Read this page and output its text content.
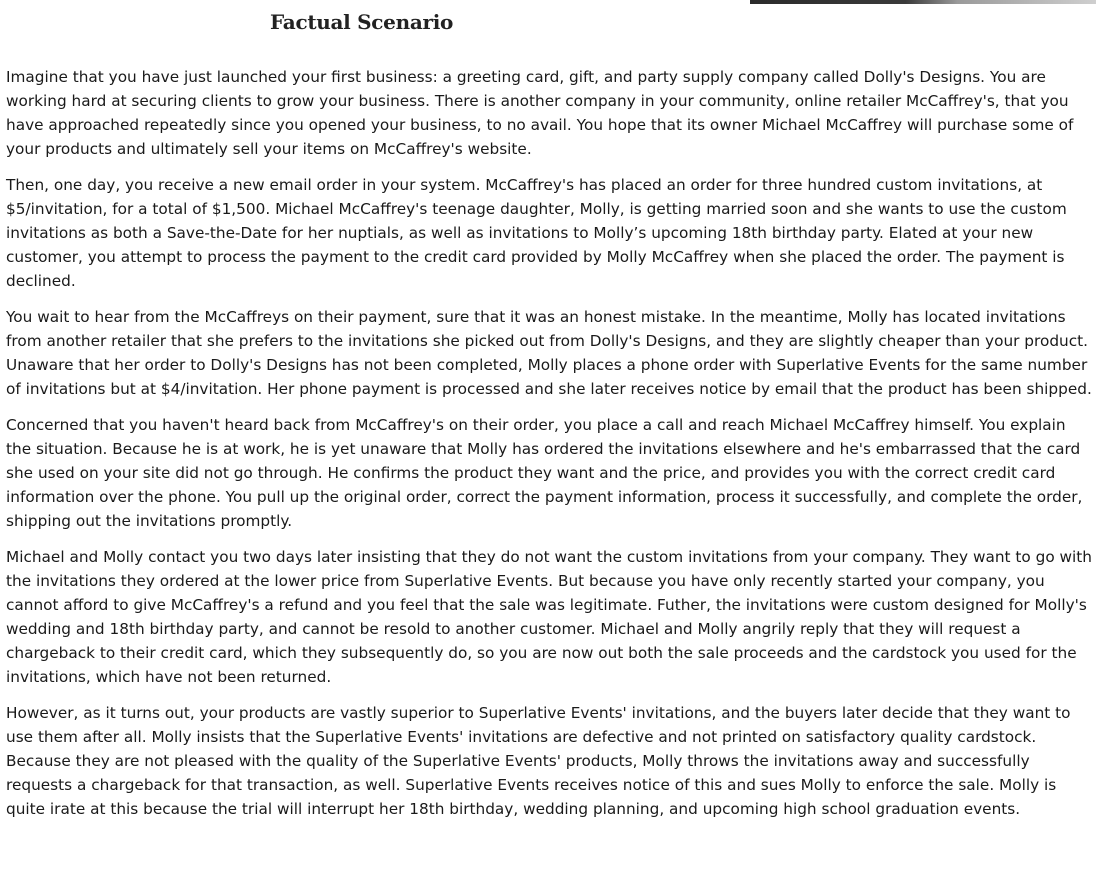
Factual Scenario

Imagine that you have just launched your first business: a greeting card, gift, and party supply company called Dolly's Designs. You are working hard at securing clients to grow your business. There is another company in your community, online retailer McCaffrey's, that you have approached repeatedly since you opened your business, to no avail. You hope that its owner Michael McCaffrey will purchase some of your products and ultimately sell your items on McCaffrey's website.

Then, one day, you receive a new email order in your system. McCaffrey's has placed an order for three hundred custom invitations, at $5/invitation, for a total of $1,500. Michael McCaffrey's teenage daughter, Molly, is getting married soon and she wants to use the custom invitations as both a Save-the-Date for her nuptials, as well as invitations to Molly’s upcoming 18th birthday party. Elated at your new customer, you attempt to process the payment to the credit card provided by Molly McCaffrey when she placed the order. The payment is declined.

You wait to hear from the McCaffreys on their payment, sure that it was an honest mistake. In the meantime, Molly has located invitations from another retailer that she prefers to the invitations she picked out from Dolly's Designs, and they are slightly cheaper than your product. Unaware that her order to Dolly's Designs has not been completed, Molly places a phone order with Superlative Events for the same number of invitations but at $4/invitation. Her phone payment is processed and she later receives notice by email that the product has been shipped.

Concerned that you haven't heard back from McCaffrey's on their order, you place a call and reach Michael McCaffrey himself. You explain the situation. Because he is at work, he is yet unaware that Molly has ordered the invitations elsewhere and he's embarrassed that the card she used on your site did not go through. He confirms the product they want and the price, and provides you with the correct credit card information over the phone. You pull up the original order, correct the payment information, process it successfully, and complete the order, shipping out the invitations promptly.

Michael and Molly contact you two days later insisting that they do not want the custom invitations from your company. They want to go with the invitations they ordered at the lower price from Superlative Events. But because you have only recently started your company, you cannot afford to give McCaffrey's a refund and you feel that the sale was legitimate. Futher, the invitations were custom designed for Molly's wedding and 18th birthday party, and cannot be resold to another customer. Michael and Molly angrily reply that they will request a chargeback to their credit card, which they subsequently do, so you are now out both the sale proceeds and the cardstock you used for the invitations, which have not been returned.

However, as it turns out, your products are vastly superior to Superlative Events' invitations, and the buyers later decide that they want to use them after all. Molly insists that the Superlative Events' invitations are defective and not printed on satisfactory quality cardstock. Because they are not pleased with the quality of the Superlative Events' products, Molly throws the invitations away and successfully requests a chargeback for that transaction, as well. Superlative Events receives notice of this and sues Molly to enforce the sale. Molly is quite irate at this because the trial will interrupt her 18th birthday, wedding planning, and upcoming high school graduation events.
